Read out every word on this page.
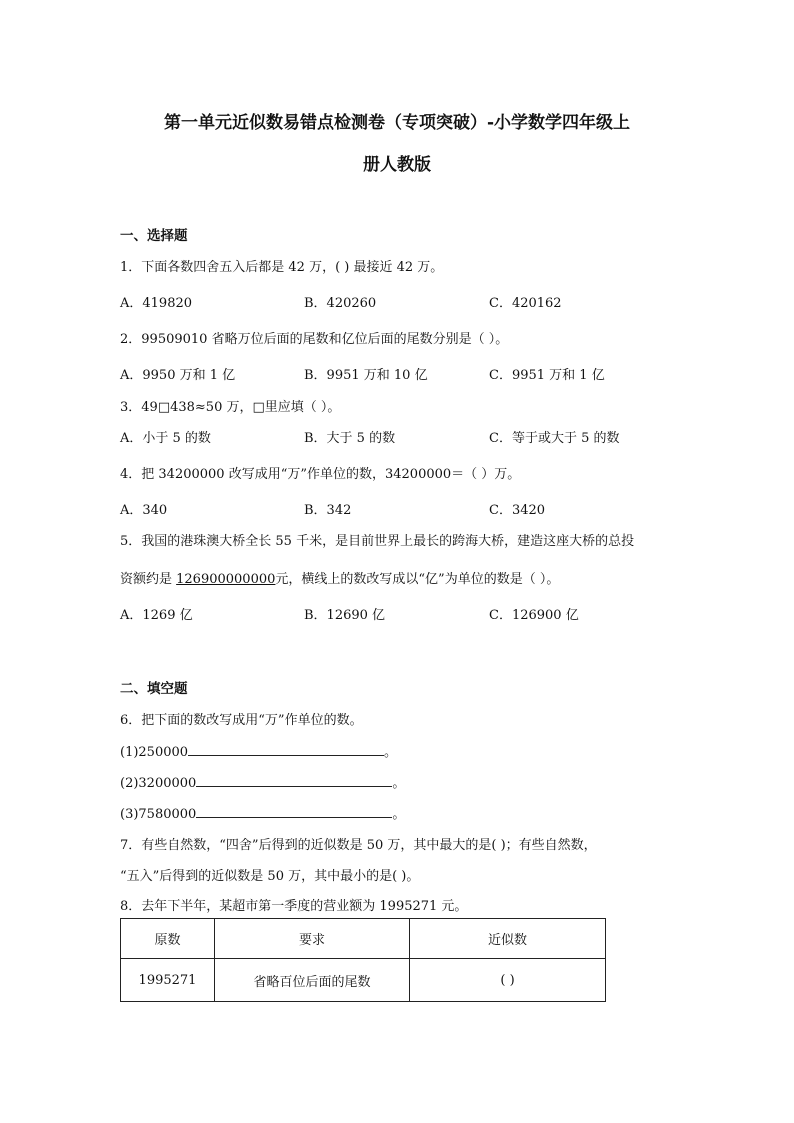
第一单元近似数易错点检测卷（专项突破）-小学数学四年级上
册人教版
一、选择题
1．下面各数四舍五入后都是 42 万，( ) 最接近 42 万。
A．419820	B．420260	C．420162
2．99509010 省略万位后面的尾数和亿位后面的尾数分别是（ ）。
A．9950 万和 1 亿	B．9951 万和 10 亿	C．9951 万和 1 亿
3．49□438≈50 万，□里应填（ ）。
A．小于 5 的数	B．大于 5 的数	C．等于或大于 5 的数
4．把 34200000 改写成用“万”作单位的数，34200000＝（ ）万。
A．340	B．342	C．3420
5．我国的港珠澳大桥全长 55 千米，是目前世界上最长的跨海大桥，建造这座大桥的总投
资额约是 126900000000元，横线上的数改写成以“亿”为单位的数是（ ）。
A．1269 亿	B．12690 亿	C．126900 亿
二、填空题
6．把下面的数改写成用“万”作单位的数。
(1)250000	。
(2)3200000	。
(3)7580000	。
7．有些自然数，“四舍”后得到的近似数是 50 万，其中最大的是( )；有些自然数，
“五入”后得到的近似数是 50 万，其中最小的是( )。
8．去年下半年，某超市第一季度的营业额为 1995271 元。
原数	要求	近似数
1995271	省略百位后面的尾数	( )
